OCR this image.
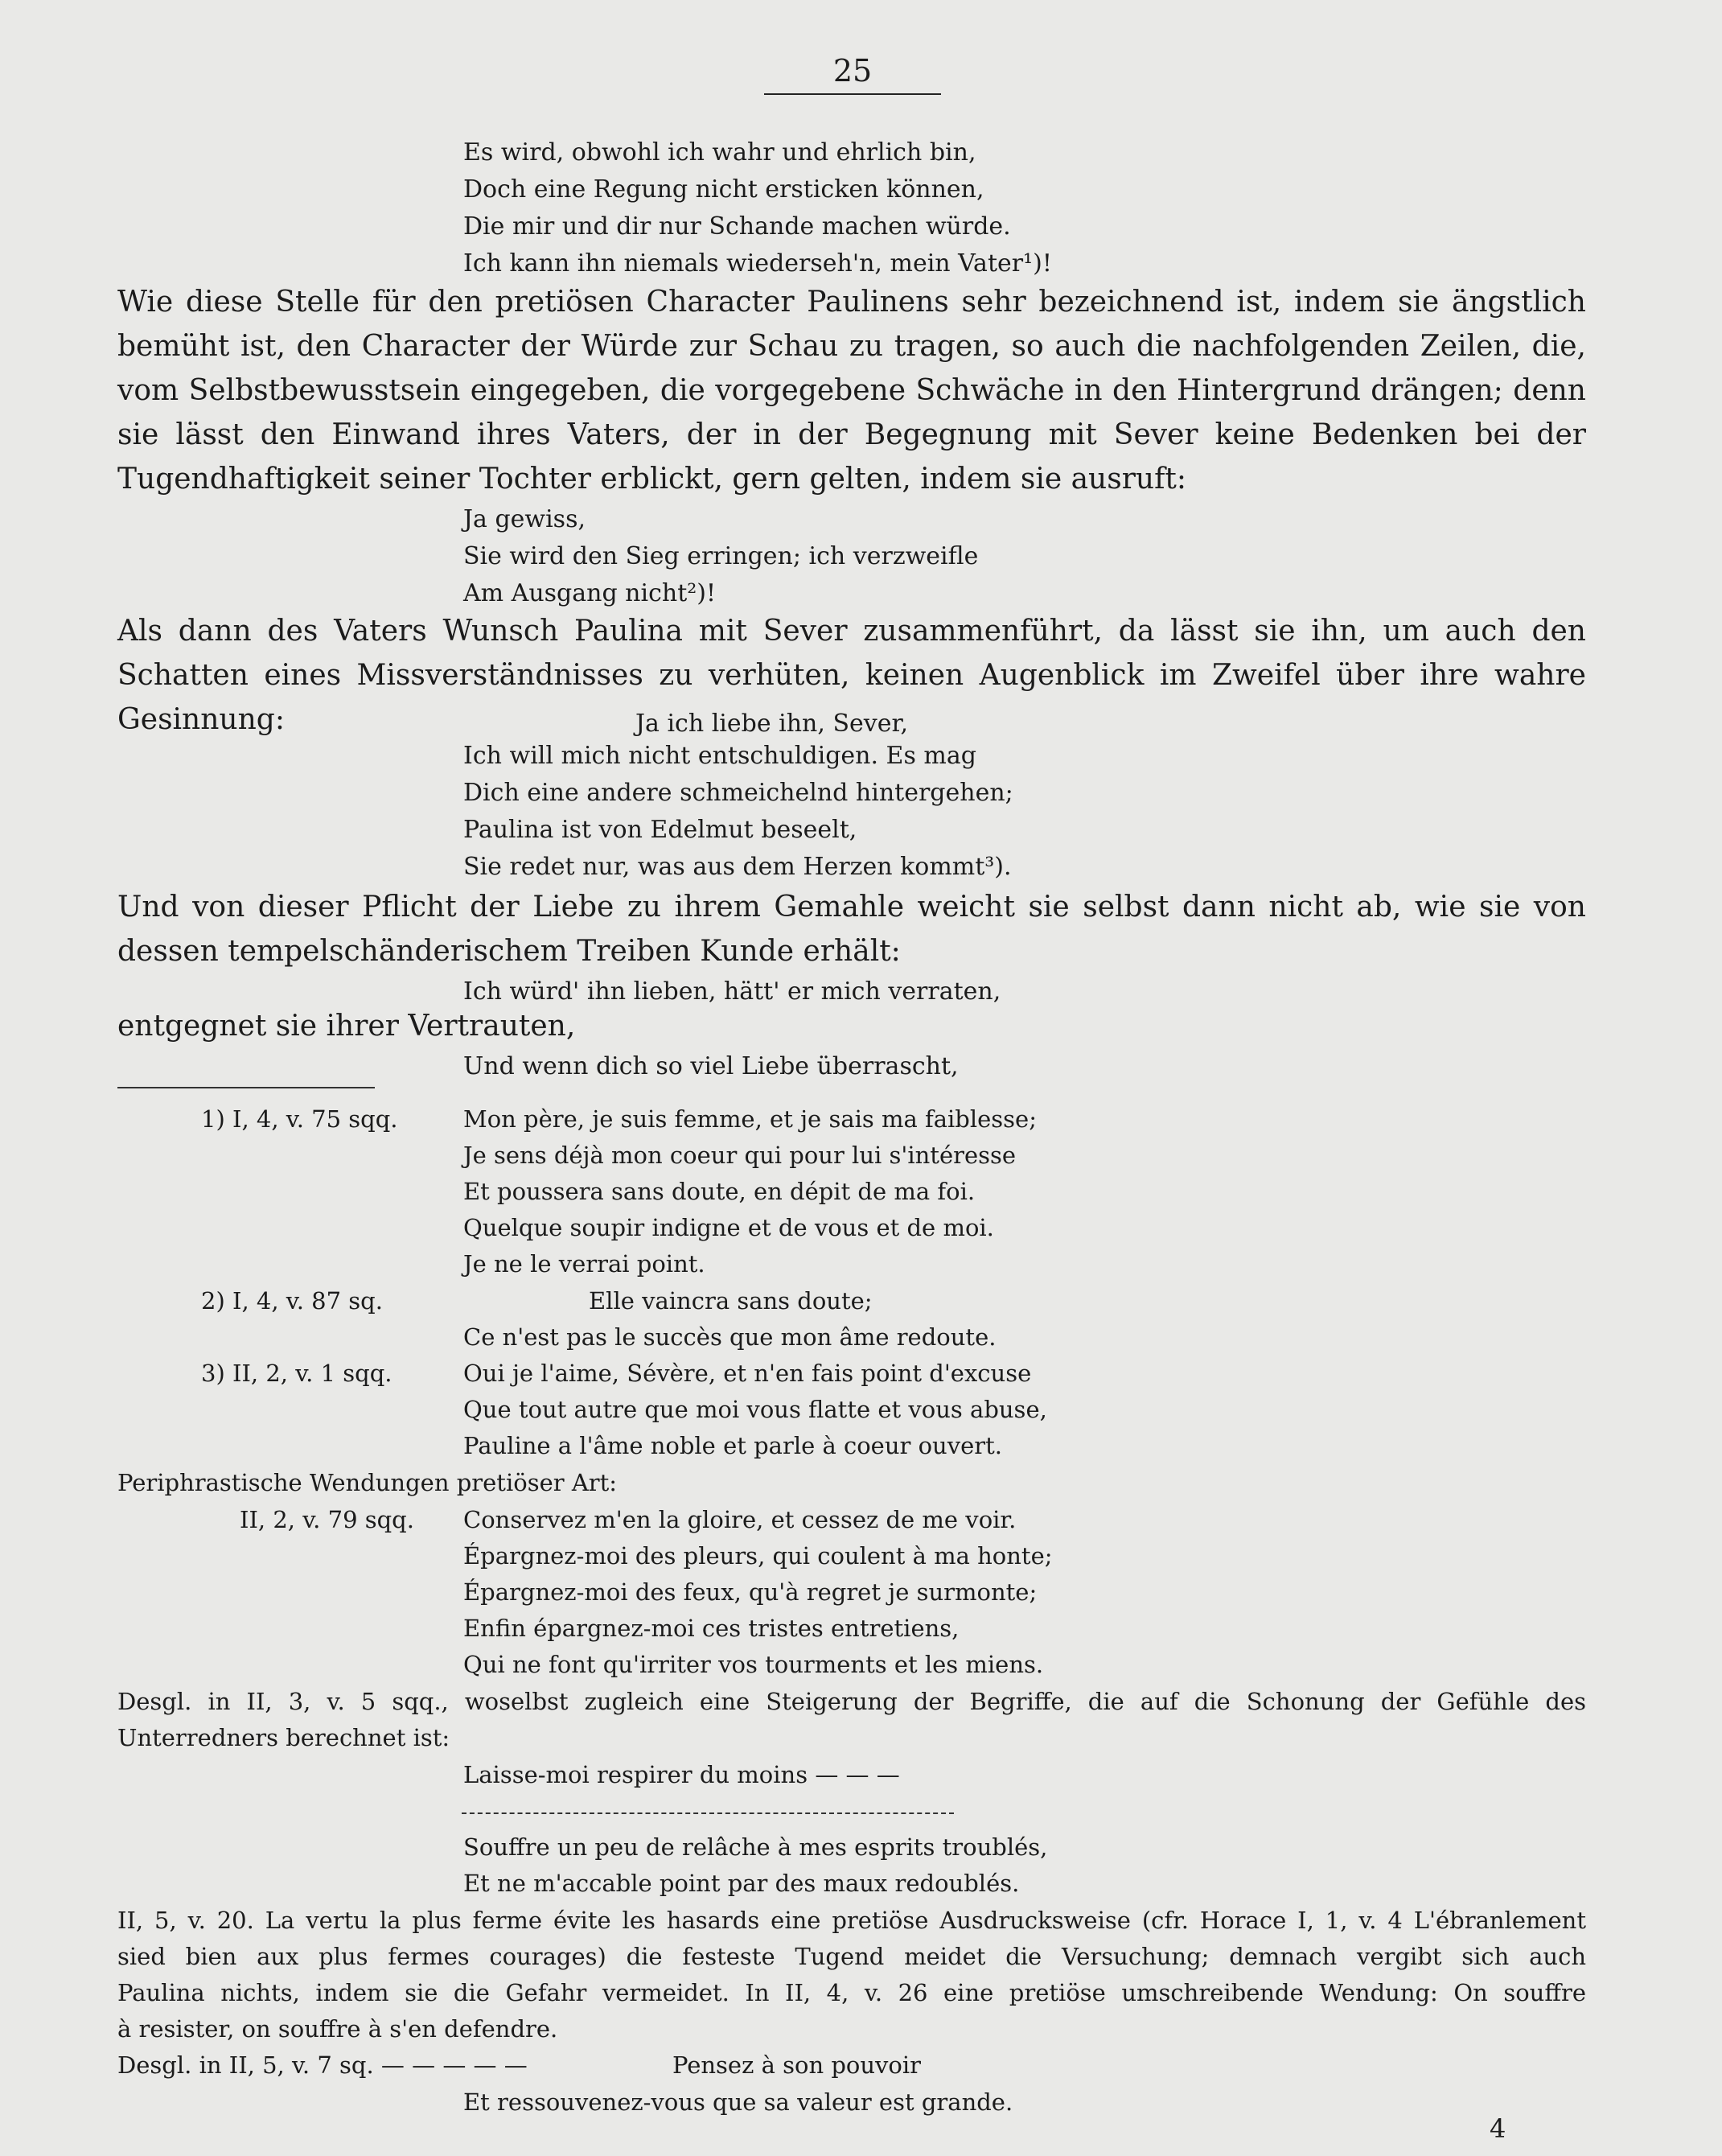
25
Es wird, obwohl ich wahr und ehrlich bin,
Doch eine Regung nicht ersticken können,
Die mir und dir nur Schande machen würde.
Ich kann ihn niemals wiederseh'n, mein Vater¹)!
Wie diese Stelle für den pretiösen Character Paulinens sehr bezeichnend ist, indem sie ängstlich
bemüht ist, den Character der Würde zur Schau zu tragen, so auch die nachfolgenden Zeilen, die,
vom Selbstbewusstsein eingegeben, die vorgegebene Schwäche in den Hintergrund drängen; denn
sie lässt den Einwand ihres Vaters, der in der Begegnung mit Sever keine Bedenken bei der
Tugendhaftigkeit seiner Tochter erblickt, gern gelten, indem sie ausruft:
Ja gewiss,
Sie wird den Sieg erringen; ich verzweifle
Am Ausgang nicht²)!
Als dann des Vaters Wunsch Paulina mit Sever zusammenführt, da lässt sie ihn, um auch den
Schatten eines Missverständnisses zu verhüten, keinen Augenblick im Zweifel über ihre wahre
Gesinnung:	Ja ich liebe ihn, Sever,
Ich will mich nicht entschuldigen. Es mag
Dich eine andere schmeichelnd hintergehen;
Paulina ist von Edelmut beseelt,
Sie redet nur, was aus dem Herzen kommt³).
Und von dieser Pflicht der Liebe zu ihrem Gemahle weicht sie selbst dann nicht ab, wie sie von
dessen tempelschänderischem Treiben Kunde erhält:
Ich würd' ihn lieben, hätt' er mich verraten,
entgegnet sie ihrer Vertrauten,
Und wenn dich so viel Liebe überrascht,
1) I, 4, v. 75 sqq.	Mon père, je suis femme, et je sais ma faiblesse;
Je sens déjà mon coeur qui pour lui s'intéresse
Et poussera sans doute, en dépit de ma foi.
Quelque soupir indigne et de vous et de moi.
Je ne le verrai point.
2) I, 4, v. 87 sq.	Elle vaincra sans doute;
Ce n'est pas le succès que mon âme redoute.
3) II, 2, v. 1 sqq.	Oui je l'aime, Sévère, et n'en fais point d'excuse
Que tout autre que moi vous flatte et vous abuse,
Pauline a l'âme noble et parle à coeur ouvert.
Periphrastische Wendungen pretiöser Art:
II, 2, v. 79 sqq. Conservez m'en la gloire, et cessez de me voir.
Épargnez-moi des pleurs, qui coulent à ma honte;
Épargnez-moi des feux, qu'à regret je surmonte;
Enfin épargnez-moi ces tristes entretiens,
Qui ne font qu'irriter vos tourments et les miens.
Desgl. in II, 3, v. 5 sqq., woselbst zugleich eine Steigerung der Begriffe, die auf die Schonung der Gefühle des
Unterredners berechnet ist:
Laisse-moi respirer du moins — — —
Souffre un peu de relâche à mes esprits troublés,
Et ne m'accable point par des maux redoublés.
II, 5, v. 20. La vertu la plus ferme évite les hasards eine pretiöse Ausdrucksweise (cfr. Horace I, 1, v. 4 L'ébranlement
sied bien aux plus fermes courages) die festeste Tugend meidet die Versuchung; demnach vergibt sich auch
Paulina nichts, indem sie die Gefahr vermeidet. In II, 4, v. 26 eine pretiöse umschreibende Wendung: On souffre
à resister, on souffre à s'en defendre.
Desgl. in II, 5, v. 7 sq. — — — — —	Pensez à son pouvoir
Et ressouvenez-vous que sa valeur est grande.
4
